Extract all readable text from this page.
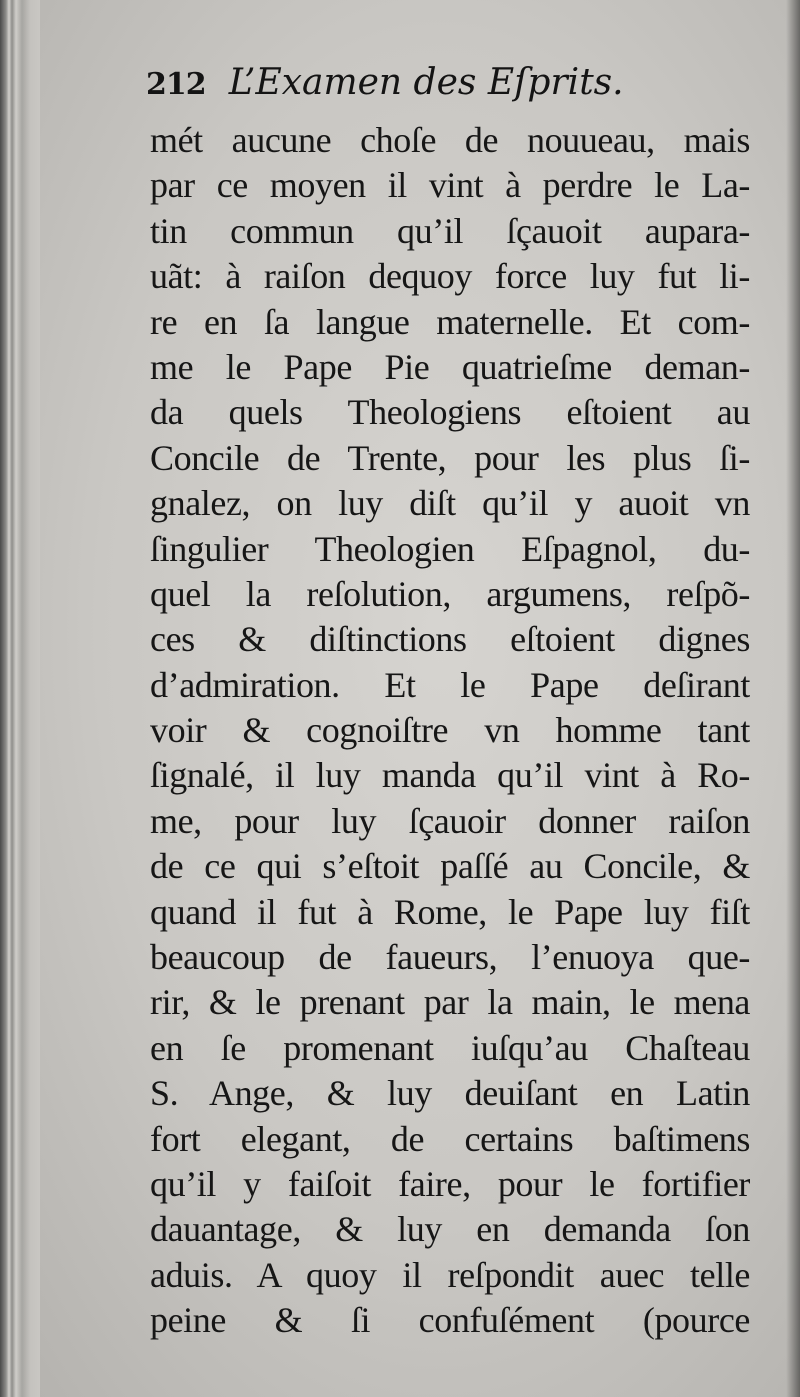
212 L’Examen des Eſprits.
mét aucune choſe de nouueau, mais
par ce moyen il vint à perdre le La-
tin commun qu’il ſçauoit aupara-
uãt: à raiſon dequoy force luy fut li-
re en ſa langue maternelle. Et com-
me le Pape Pie quatrieſme deman-
da quels Theologiens eſtoient au
Concile de Trente, pour les plus ſi-
gnalez, on luy diſt qu’il y auoit vn
ſingulier Theologien Eſpagnol, du-
quel la reſolution, argumens, reſpõ-
ces & diſtinctions eſtoient dignes
d’admiration. Et le Pape deſirant
voir & cognoiſtre vn homme tant
ſignalé, il luy manda qu’il vint à Ro-
me, pour luy ſçauoir donner raiſon
de ce qui s’eſtoit paſſé au Concile, &
quand il fut à Rome, le Pape luy fiſt
beaucoup de faueurs, l’enuoya que-
rir, & le prenant par la main, le mena
en ſe promenant iuſqu’au Chaſteau
S. Ange, & luy deuiſant en Latin
fort elegant, de certains baſtimens
qu’il y faiſoit faire, pour le fortifier
dauantage, & luy en demanda ſon
aduis. A quoy il reſpondit auec telle
peine & ſi confuſément (pource
